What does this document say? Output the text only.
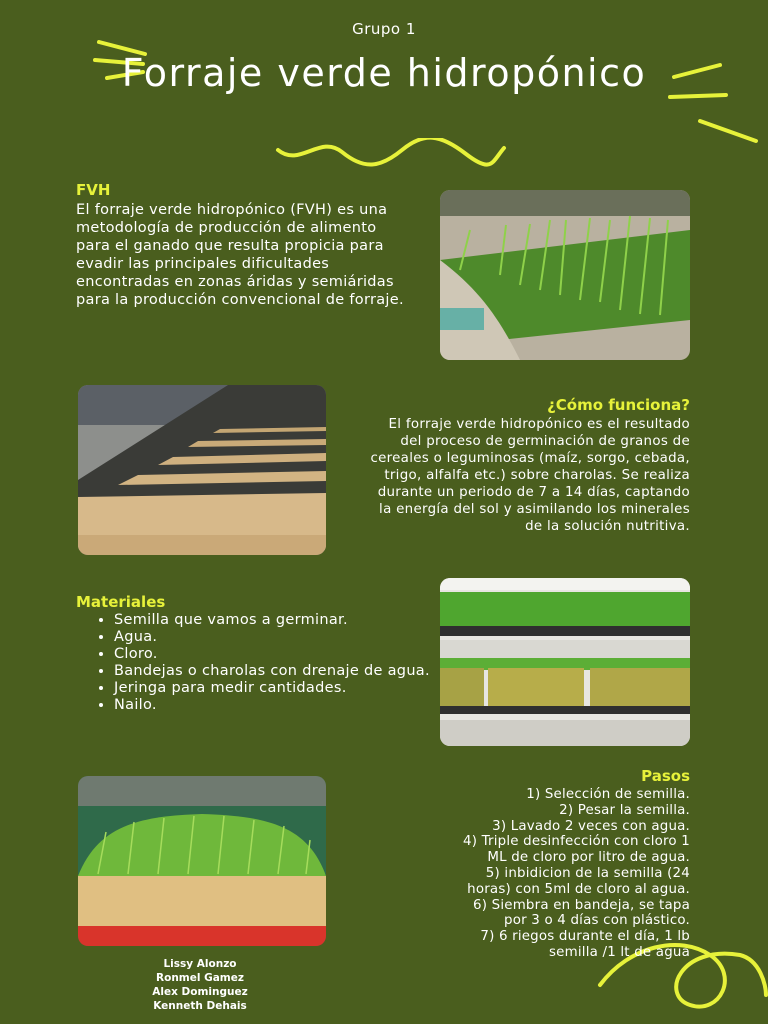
Grupo 1
Forraje verde hidropónico
FVH
El forraje verde hidropónico (FVH) es una metodología de producción de alimento para el ganado que resulta propicia para evadir las principales dificultades encontradas en zonas áridas y semiáridas para la producción convencional de forraje.
¿Cómo funciona?
El forraje verde hidropónico es el resultado del proceso de germinación de granos de cereales o leguminosas (maíz, sorgo, cebada, trigo, alfalfa etc.) sobre charolas. Se realiza durante un periodo de 7 a 14 días, captando la energía del sol y asimilando los minerales de la solución nutritiva.
Materiales
• Semilla que vamos a germinar.
• Agua.
• Cloro.
• Bandejas o charolas con drenaje de agua.
• Jeringa para medir cantidades.
• Nailo.
Pasos
1) Selección de semilla.
2) Pesar la semilla.
3) Lavado 2 veces con agua.
4) Triple desinfección con cloro 1
ML de cloro por litro de agua.
5) inbidicion de la semilla (24
horas) con 5ml de cloro al agua.
6) Siembra en bandeja, se tapa
por 3 o 4 días con plástico.
7) 6 riegos durante el día, 1 lb
semilla /1 lt de agua
Lissy Alonzo
Ronmel Gamez
Alex Dominguez
Kenneth Dehais
